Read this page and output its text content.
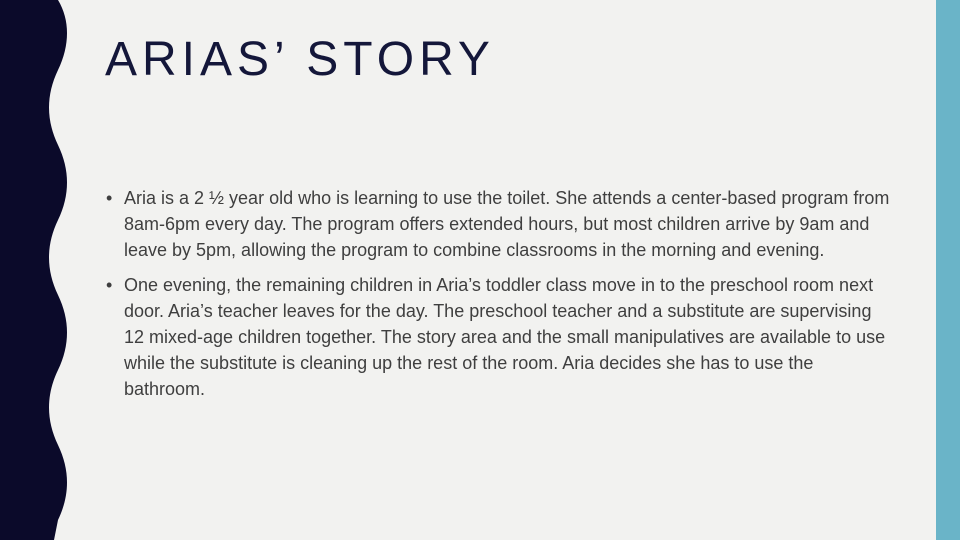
ARIAS’ STORY
• Aria is a 2 ½ year old who is learning to use the toilet. She attends a center-based program from 8am-6pm every day. The program offers extended hours, but most children arrive by 9am and leave by 5pm, allowing the program to combine classrooms in the morning and evening.
• One evening, the remaining children in Aria’s toddler class move in to the preschool room next door. Aria’s teacher leaves for the day. The preschool teacher and a substitute are supervising 12 mixed-age children together. The story area and the small manipulatives are available to use while the substitute is cleaning up the rest of the room. Aria decides she has to use the bathroom.
